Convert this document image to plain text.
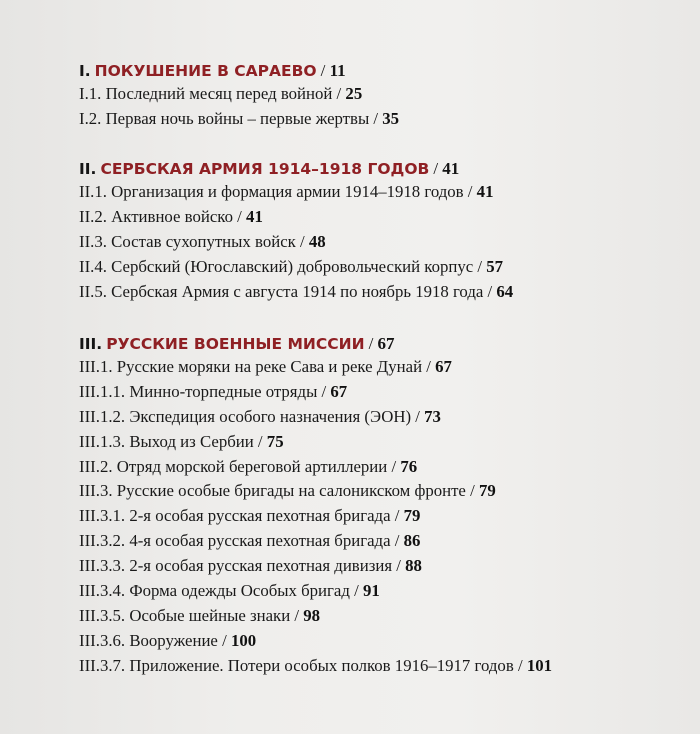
I. ПОКУШЕНИЕ В САРАЕВО / 11
I.1. Последний месяц перед войной / 25
I.2. Первая ночь войны – первые жертвы / 35
II. СЕРБСКАЯ АРМИЯ 1914–1918 ГОДОВ / 41
II.1. Организация и формация армии 1914–1918 годов / 41
II.2. Активное войско / 41
II.3. Состав сухопутных войск / 48
II.4. Сербский (Югославский) добровольческий корпус / 57
II.5. Сербская Армия с августа 1914 по ноябрь 1918 года / 64
III. РУССКИЕ ВОЕННЫЕ МИССИИ / 67
III.1. Русские моряки на реке Сава и реке Дунай / 67
III.1.1. Минно-торпедные отряды / 67
III.1.2. Экспедиция особого назначения (ЭОН) / 73
III.1.3. Выход из Сербии / 75
III.2. Отряд морской береговой артиллерии / 76
III.3. Русские особые бригады на салоникском фронте / 79
III.3.1. 2-я особая русская пехотная бригада / 79
III.3.2. 4-я особая русская пехотная бригада / 86
III.3.3. 2-я особая русская пехотная дивизия / 88
III.3.4. Форма одежды Особых бригад / 91
III.3.5. Особые шейные знаки / 98
III.3.6. Вооружение / 100
III.3.7. Приложение. Потери особых полков 1916–1917 годов / 101
